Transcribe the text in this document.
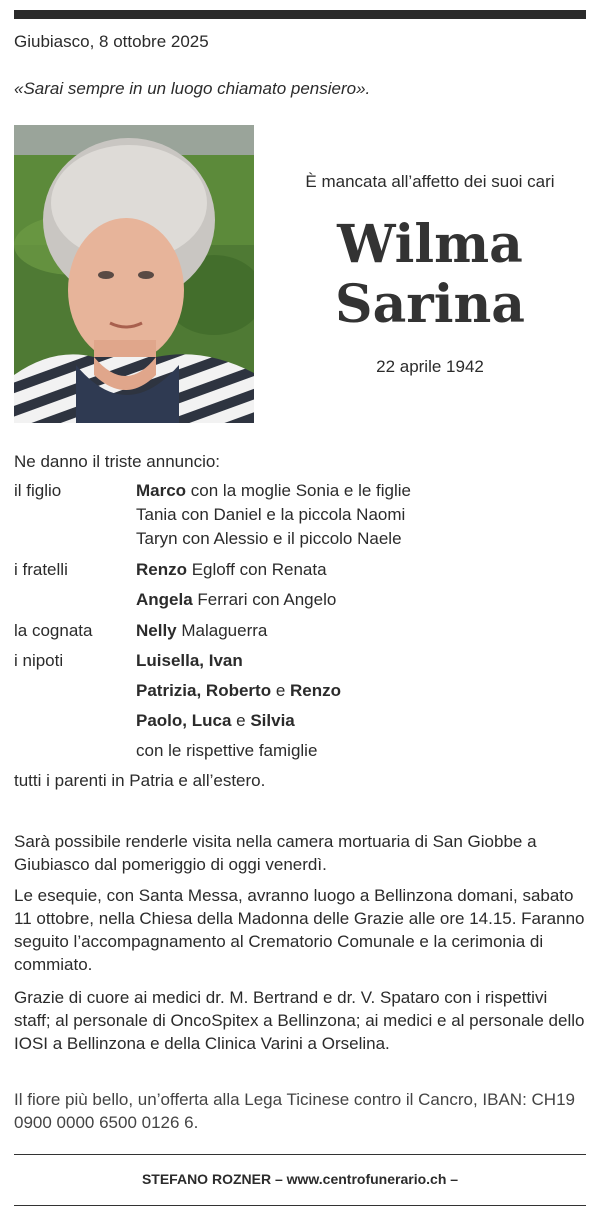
Giubiasco, 8 ottobre 2025
«Sarai sempre in un luogo chiamato pensiero».
È mancata all’affetto dei suoi cari
Wilma
Sarina
22 aprile 1942
Ne danno il triste annuncio:
il figlio	Marco con la moglie Sonia e le figlie
Tania con Daniel e la piccola Naomi
Taryn con Alessio e il piccolo Naele
i fratelli	Renzo Egloff con Renata
Angela Ferrari con Angelo
la cognata	Nelly Malaguerra
i nipoti	Luisella, Ivan
Patrizia, Roberto e Renzo
Paolo, Luca e Silvia
con le rispettive famiglie
tutti i parenti in Patria e all’estero.

Sarà possibile renderle visita nella camera mortuaria di San Giobbe a Giubiasco dal pomeriggio di oggi venerdì.

Le esequie, con Santa Messa, avranno luogo a Bellinzona domani, sabato 11 ottobre, nella Chiesa della Madonna delle Grazie alle ore 14.15. Faranno seguito l’accompagnamento al Crematorio Comunale e la cerimonia di commiato.

Grazie di cuore ai medici dr. M. Bertrand e dr. V. Spataro con i rispettivi staff; al personale di OncoSpitex a Bellinzona; ai medici e al personale dello IOSI a Bellinzona e della Clinica Varini a Orselina.

Il fiore più bello, un’offerta alla Lega Ticinese contro il Cancro, IBAN: CH19 0900 0000 6500 0126 6.

STEFANO ROZNER – www.centrofunerario.ch –
